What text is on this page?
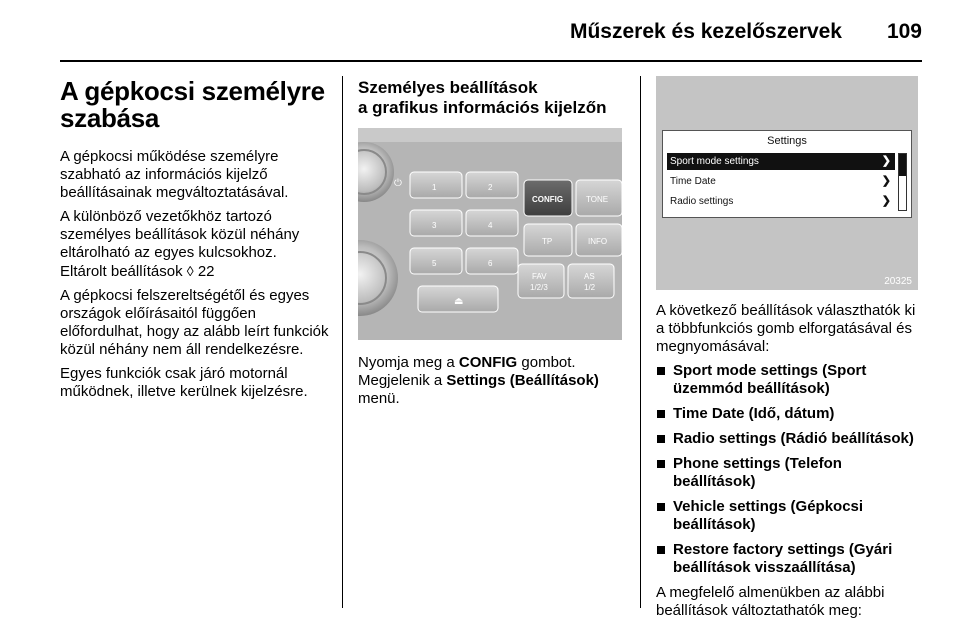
Műszerek és kezelőszervek 109
A gépkocsi személyre szabása

A gépkocsi működése személyre szabható az információs kijelző beállításainak megváltoztatásával.

A különböző vezetőkhöz tartozó személyes beállítások közül néhány eltárolható az egyes kulcsokhoz.
Eltárolt beállítások ◊ 22

A gépkocsi felszereltségétől és egyes országok előírásaitól függően előfordulhat, hogy az alább leírt funkciók közül néhány nem áll rendelkezésre.

Egyes funkciók csak járó motornál működnek, illetve kerülnek kijelzésre.

Személyes beállítások
a grafikus információs kijelzőn
⏻	1	2
3	4
5	6
⏏
CONFIG	TONE
TP	INFO
FAV
1/2/3
AS
1/2

Nyomja meg a CONFIG gombot. Megjelenik a Settings (Beállítások) menü.

Settings
Sport mode settings	❯
Time Date	❯
Radio settings	❯
20325

A következő beállítások választhatók ki a többfunkciós gomb elforgatásával és megnyomásával:

Sport mode settings (Sport üzemmód beállítások)
Time Date (Idő, dátum)
Radio settings (Rádió beállítások)
Phone settings (Telefon beállítások)
Vehicle settings (Gépkocsi beállítások)
Restore factory settings (Gyári beállítások visszaállítása)

A megfelelő almenükben az alábbi beállítások változtathatók meg:
